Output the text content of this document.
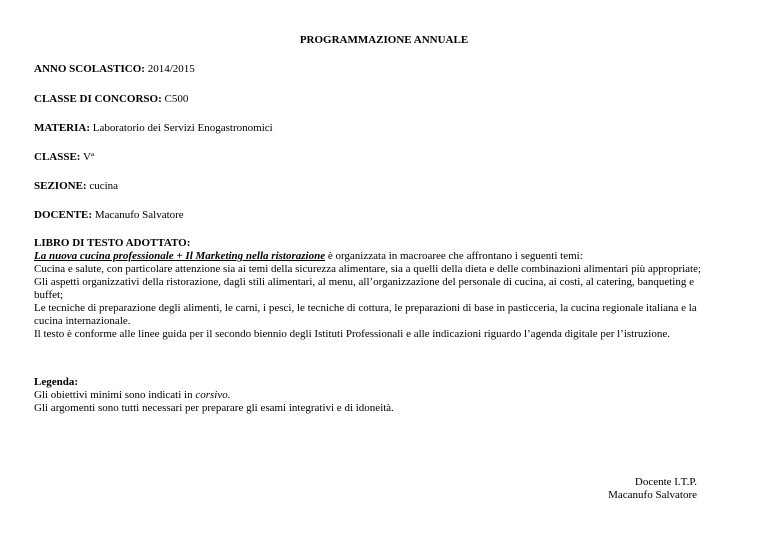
PROGRAMMAZIONE ANNUALE
ANNO SCOLASTICO: 2014/2015
CLASSE DI CONCORSO: C500
MATERIA: Laboratorio dei Servizi Enogastronomici
CLASSE: Vª
SEZIONE: cucina
DOCENTE: Macanufo Salvatore
LIBRO DI TESTO ADOTTATO:

La nuova cucina professionale + Il Marketing nella ristorazione è organizzata in macroaree che affrontano i seguenti temi:

Cucina e salute, con particolare attenzione sia ai temi della sicurezza alimentare, sia a quelli della dieta e delle combinazioni alimentari più appropriate;

Gli aspetti organizzativi della ristorazione, dagli stili alimentari, al menu, all’organizzazione del personale di cucina, ai costi, al catering, banqueting e buffet;

Le tecniche di preparazione degli alimenti, le carni, i pesci, le tecniche di cottura, le preparazioni di base in pasticceria, la cucina regionale italiana e la cucina internazionale.

Il testo è conforme alle linee guida per il secondo biennio degli Istituti Professionali e alle indicazioni riguardo l’agenda digitale per l’istruzione.

Legenda:

Gli obiettivi minimi sono indicati in corsivo.

Gli argomenti sono tutti necessari per preparare gli esami integrativi e di idoneità.

Docente I.T.P.
Macanufo Salvatore
